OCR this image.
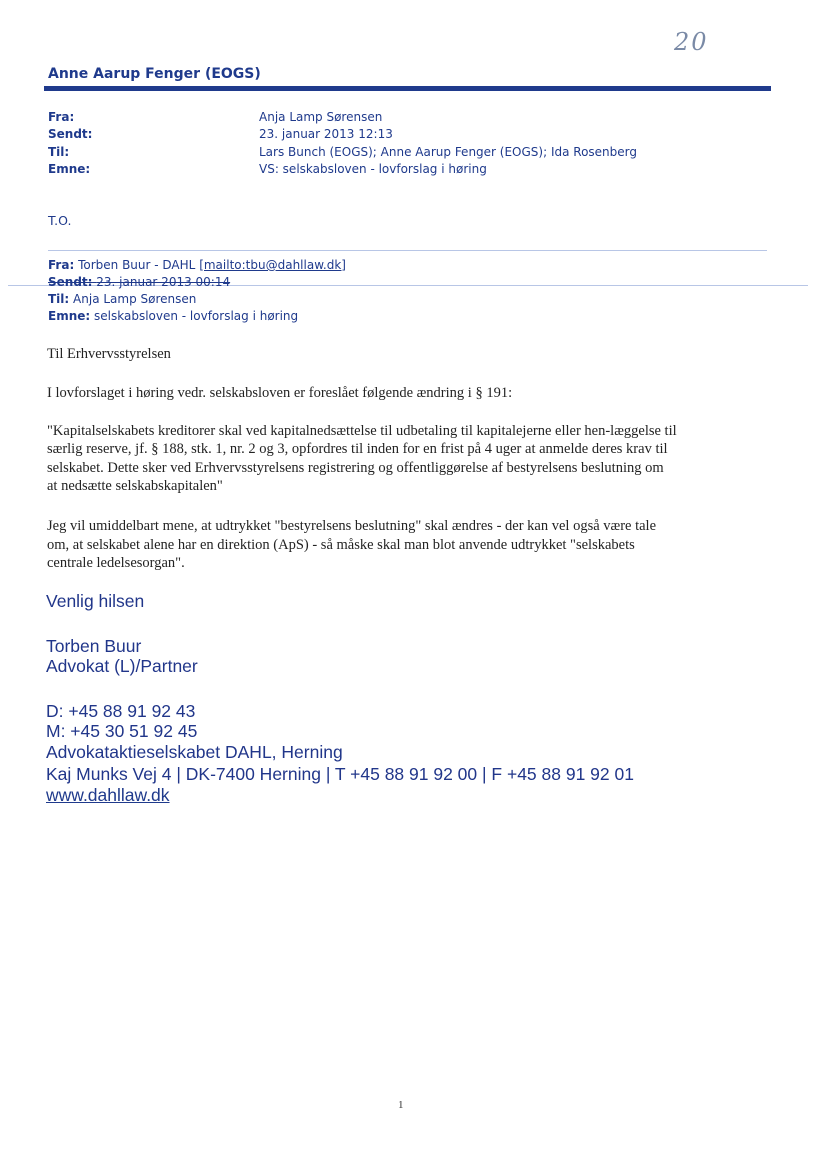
20
Anne Aarup Fenger (EOGS)
Fra:	Anja Lamp Sørensen
Sendt:	23. januar 2013 12:13
Til:	Lars Bunch (EOGS); Anne Aarup Fenger (EOGS); Ida Rosenberg
Emne:	VS: selskabsloven - lovforslag i høring
T.O.
Fra: Torben Buur - DAHL [mailto:tbu@dahllaw.dk]
Sendt: 23. januar 2013 00:14
Til: Anja Lamp Sørensen
Emne: selskabsloven - lovforslag i høring
Til Erhvervsstyrelsen
I lovforslaget i høring vedr. selskabsloven er foreslået følgende ændring i § 191:
"Kapitalselskabets kreditorer skal ved kapitalnedsættelse til udbetaling til kapitalejerne eller hen-læggelse til
særlig reserve, jf. § 188, stk. 1, nr. 2 og 3, opfordres til inden for en frist på 4 uger at anmelde deres krav til
selskabet. Dette sker ved Erhvervsstyrelsens registrering og offentliggørelse af bestyrelsens beslutning om
at nedsætte selskabskapitalen"
Jeg vil umiddelbart mene, at udtrykket "bestyrelsens beslutning" skal ændres - der kan vel også være tale
om, at selskabet alene har en direktion (ApS) - så måske skal man blot anvende udtrykket "selskabets
centrale ledelsesorgan".
Venlig hilsen
Torben Buur
Advokat (L)/Partner
D: +45 88 91 92 43
M: +45 30 51 92 45
Advokataktieselskabet DAHL, Herning
Kaj Munks Vej 4 | DK-7400 Herning | T +45 88 91 92 00 | F +45 88 91 92 01
www.dahllaw.dk
1
